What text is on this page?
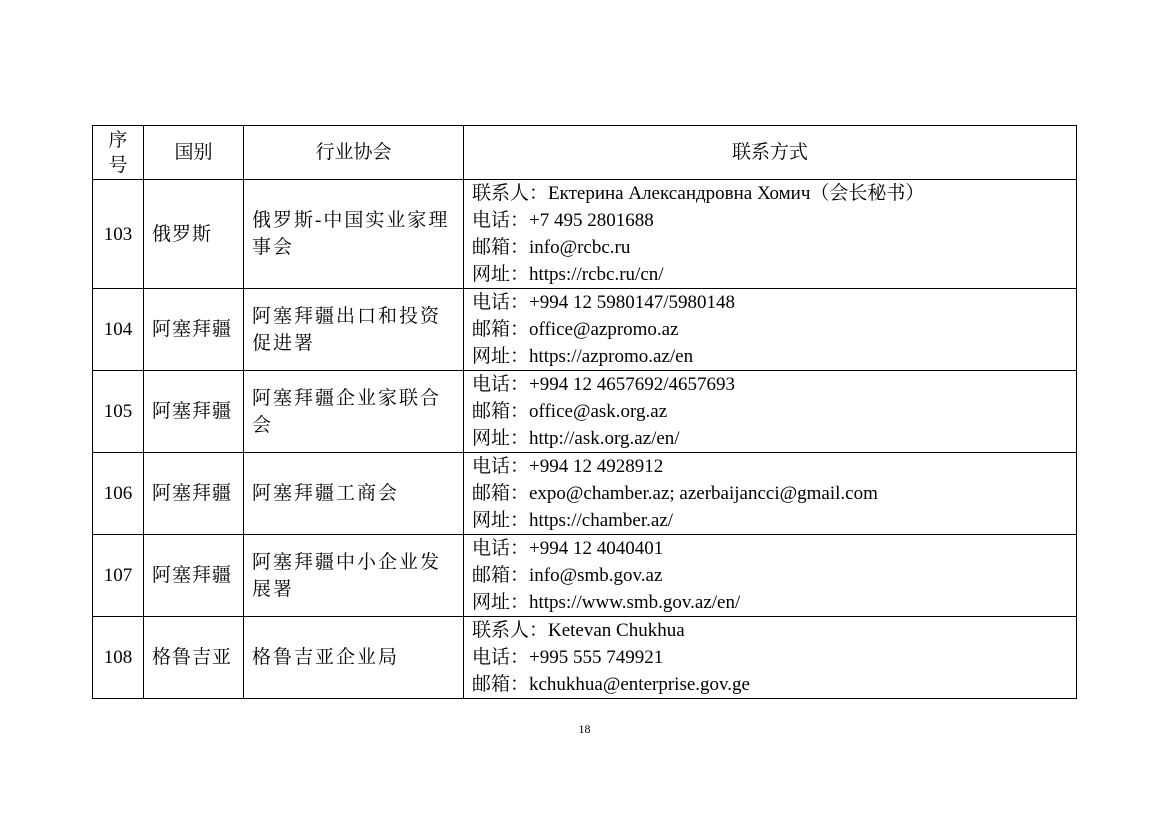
序
号	国别	行业协会	联系方式
103	俄罗斯	俄罗斯-中国实业家理事会	联系人：Ектерина Александровна Хомич（会长秘书）
电话：+7 495 2801688
邮箱：info@rcbc.ru
网址：https://rcbc.ru/cn/

104	阿塞拜疆	阿塞拜疆出口和投资促进署	电话：+994 12 5980147/5980148
邮箱：office@azpromo.az
网址：https://azpromo.az/en

105	阿塞拜疆	阿塞拜疆企业家联合会	电话：+994 12 4657692/4657693
邮箱：office@ask.org.az
网址：http://ask.org.az/en/

106	阿塞拜疆	阿塞拜疆工商会	电话：+994 12 4928912
邮箱：expo@chamber.az; azerbaijancci@gmail.com
网址：https://chamber.az/

107	阿塞拜疆	阿塞拜疆中小企业发展署	电话：+994 12 4040401
邮箱：info@smb.gov.az
网址：https://www.smb.gov.az/en/

108	格鲁吉亚	格鲁吉亚企业局	联系人：Ketevan Chukhua
电话：+995 555 749921
邮箱：kchukhua@enterprise.gov.ge
18
